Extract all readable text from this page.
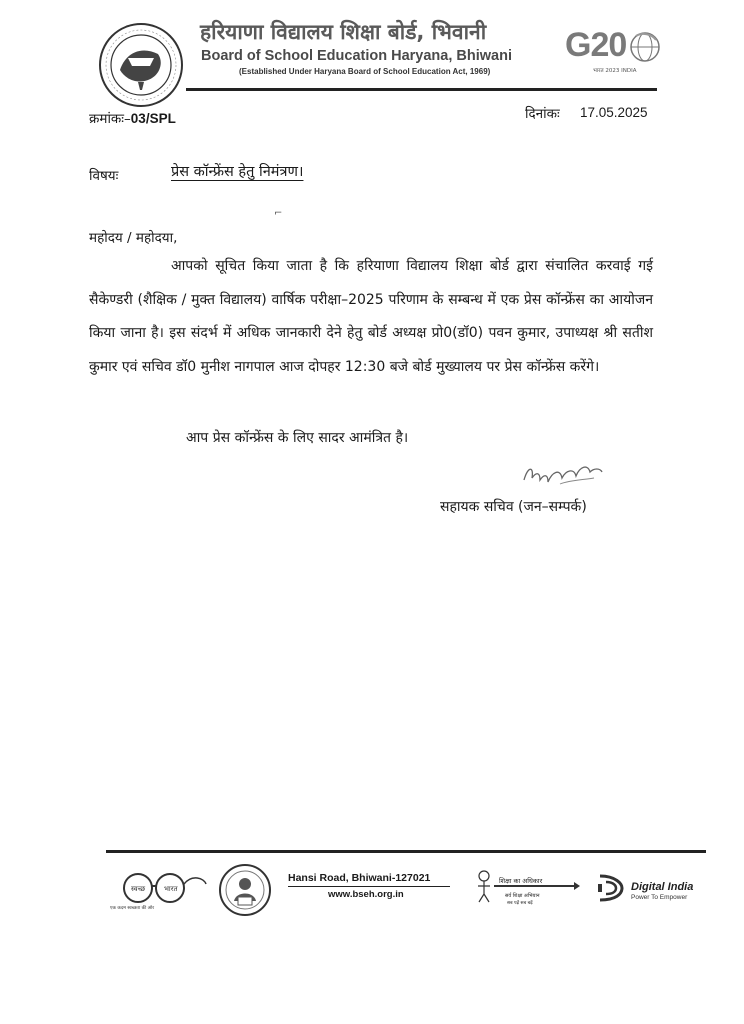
हरियाणा विद्यालय शिक्षा बोर्ड, भिवानी
Board of School Education Haryana, Bhiwani
(Established Under Haryana Board of School Education Act, 1969)
G20
भारत 2023 INDIA
क्रमांकः–03/SPL	दिनांकः 17.05.2025
विषयः	प्रेस कॉन्फ्रेंस हेतु निमंत्रण।
⌐
महोदय / महोदया,
आपको सूचित किया जाता है कि हरियाणा विद्यालय शिक्षा बोर्ड द्वारा संचालित करवाई गई सैकेण्डरी (शैक्षिक / मुक्त विद्यालय) वार्षिक परीक्षा–2025 परिणाम के सम्बन्ध में एक प्रेस कॉन्फ्रेंस का आयोजन किया जाना है। इस संदर्भ में अधिक जानकारी देने हेतु बोर्ड अध्यक्ष प्रो0(डॉ0) पवन कुमार, उपाध्यक्ष श्री सतीश कुमार एवं सचिव डॉ0 मुनीश नागपाल आज दोपहर 12:30 बजे बोर्ड मुख्यालय पर प्रेस कॉन्फ्रेंस करेंगे।
आप प्रेस कॉन्फ्रेंस के लिए सादर आमंत्रित है।
सहायक सचिव (जन–सम्पर्क)
स्वच्छ	भारत
एक कदम स्वच्छता की ओर
Hansi Road, Bhiwani-127021
www.bseh.org.in
शिक्षा का अधिकार
सर्व शिक्षा अभियान
सब पढ़ें सब बढ़ें
Digital India
Power To Empower
